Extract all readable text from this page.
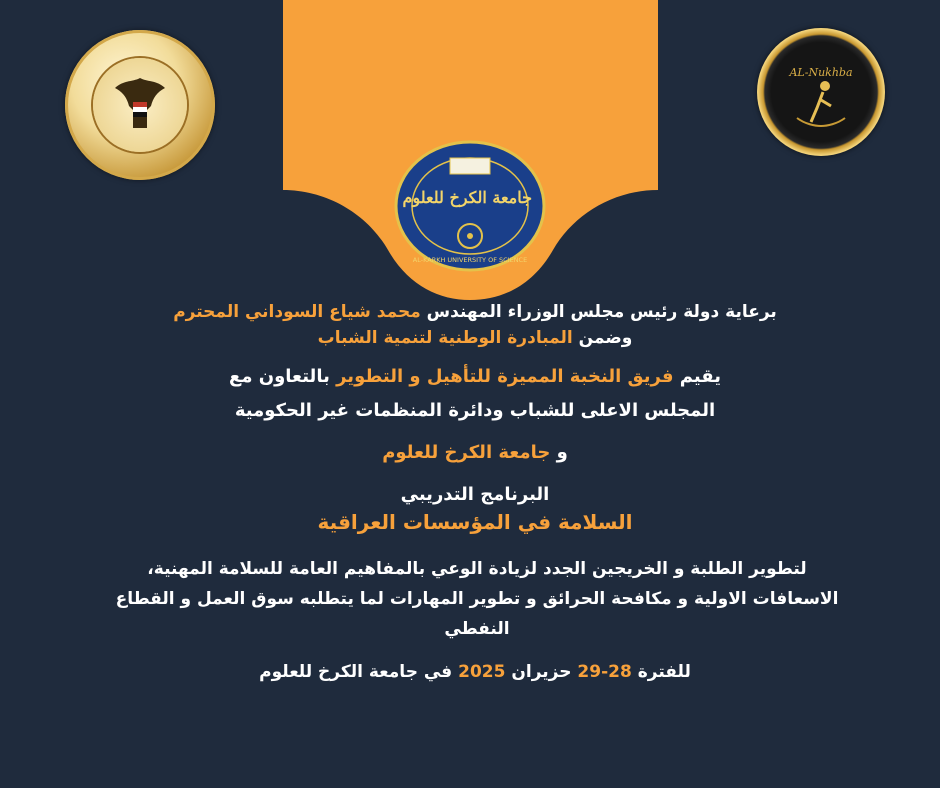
AL-Nukhba
جامعة الكرخ للعلوم
AL-KARKH UNIVERSITY OF SCIENCE
برعاية دولة رئيس مجلس الوزراء المهندس محمد شياع السوداني المحترم
وضمن المبادرة الوطنية لتنمية الشباب
يقيم فريق النخبة المميزة للتأهيل و التطوير بالتعاون مع
المجلس الاعلى للشباب ودائرة المنظمات غير الحكومية
و جامعة الكرخ للعلوم
البرنامج التدريبي
السلامة في المؤسسات العراقية
لتطوير الطلبة و الخريجين الجدد لزيادة الوعي بالمفاهيم العامة للسلامة المهنية، الاسعافات الاولية و مكافحة الحرائق و تطوير المهارات لما يتطلبه سوق العمل و القطاع النفطي
للفترة 28-29 حزيران 2025 في جامعة الكرخ للعلوم
